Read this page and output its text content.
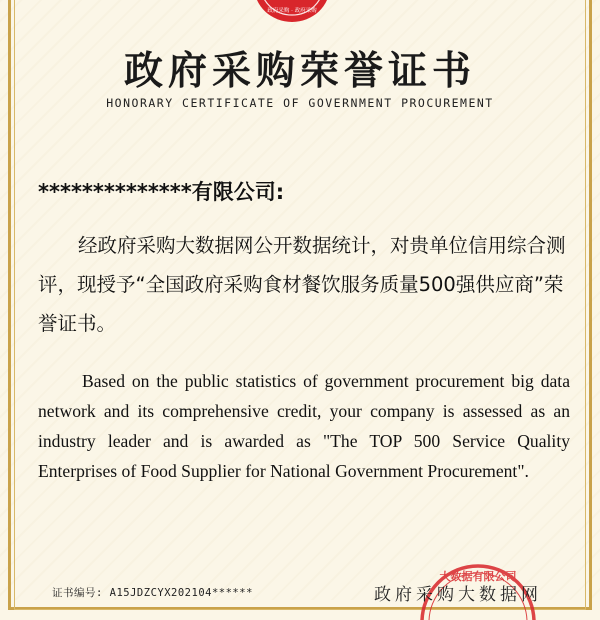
政府采购 · 政府采购
政府采购荣誉证书
HONORARY CERTIFICATE OF GOVERNMENT PROCUREMENT
**************有限公司:
经政府采购大数据网公开数据统计，对贵单位信用综合测评，现授予“全国政府采购食材餐饮服务质量500强供应商”荣誉证书。
Based on the public statistics of government procurement big data network and its comprehensive credit, your company is assessed as an industry leader and is awarded as "The TOP 500 Service Quality Enterprises of Food Supplier for National Government Procurement".
证书编号: A15JDZCYX202104******
大数据有限公司
政府采购大数据网
